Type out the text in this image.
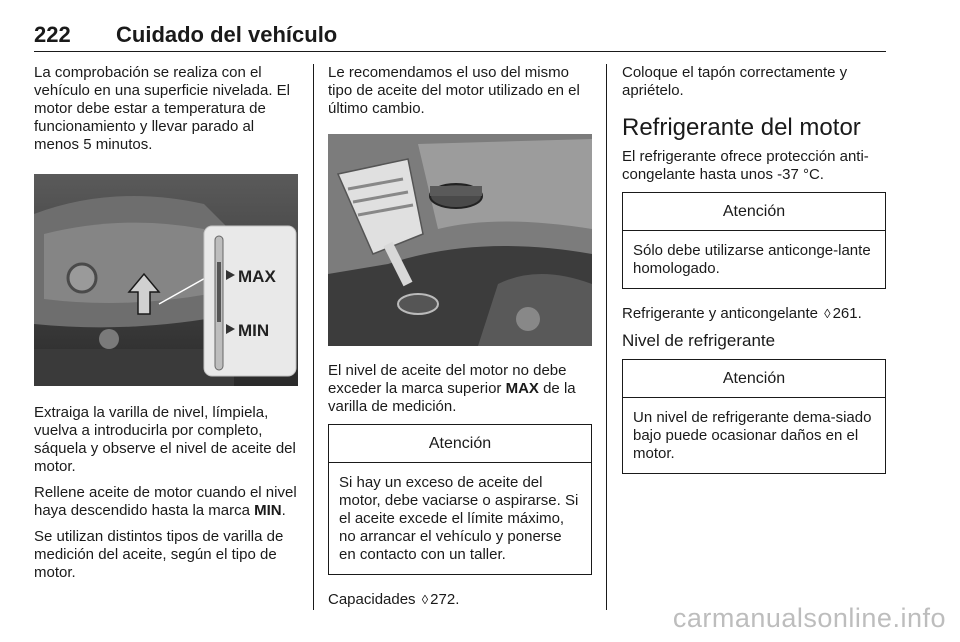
222 Cuidado del vehículo

La comprobación se realiza con el vehículo en una superficie nivelada. El motor debe estar a temperatura de funcionamiento y llevar parado al menos 5 minutos.

MAX
MIN

Extraiga la varilla de nivel, límpiela, vuelva a introducirla por completo, sáquela y observe el nivel de aceite del motor.

Rellene aceite de motor cuando el nivel haya descendido hasta la marca MIN.

Se utilizan distintos tipos de varilla de medición del aceite, según el tipo de motor.

Le recomendamos el uso del mismo tipo de aceite del motor utilizado en el último cambio.

El nivel de aceite del motor no debe exceder la marca superior MAX de la varilla de medición.

Atención
Si hay un exceso de aceite del motor, debe vaciarse o aspirarse. Si el aceite excede el límite máximo, no arrancar el vehículo y ponerse en contacto con un taller.

Capacidades ◊ 272.

Coloque el tapón correctamente y apriételo.

Refrigerante del motor

El refrigerante ofrece protección anti-congelante hasta unos -37 °C.

Atención
Sólo debe utilizarse anticonge-lante homologado.

Refrigerante y anticongelante ◊ 261.

Nivel de refrigerante
Atención
Un nivel de refrigerante dema-siado bajo puede ocasionar daños en el motor.
carmanualsonline.info
